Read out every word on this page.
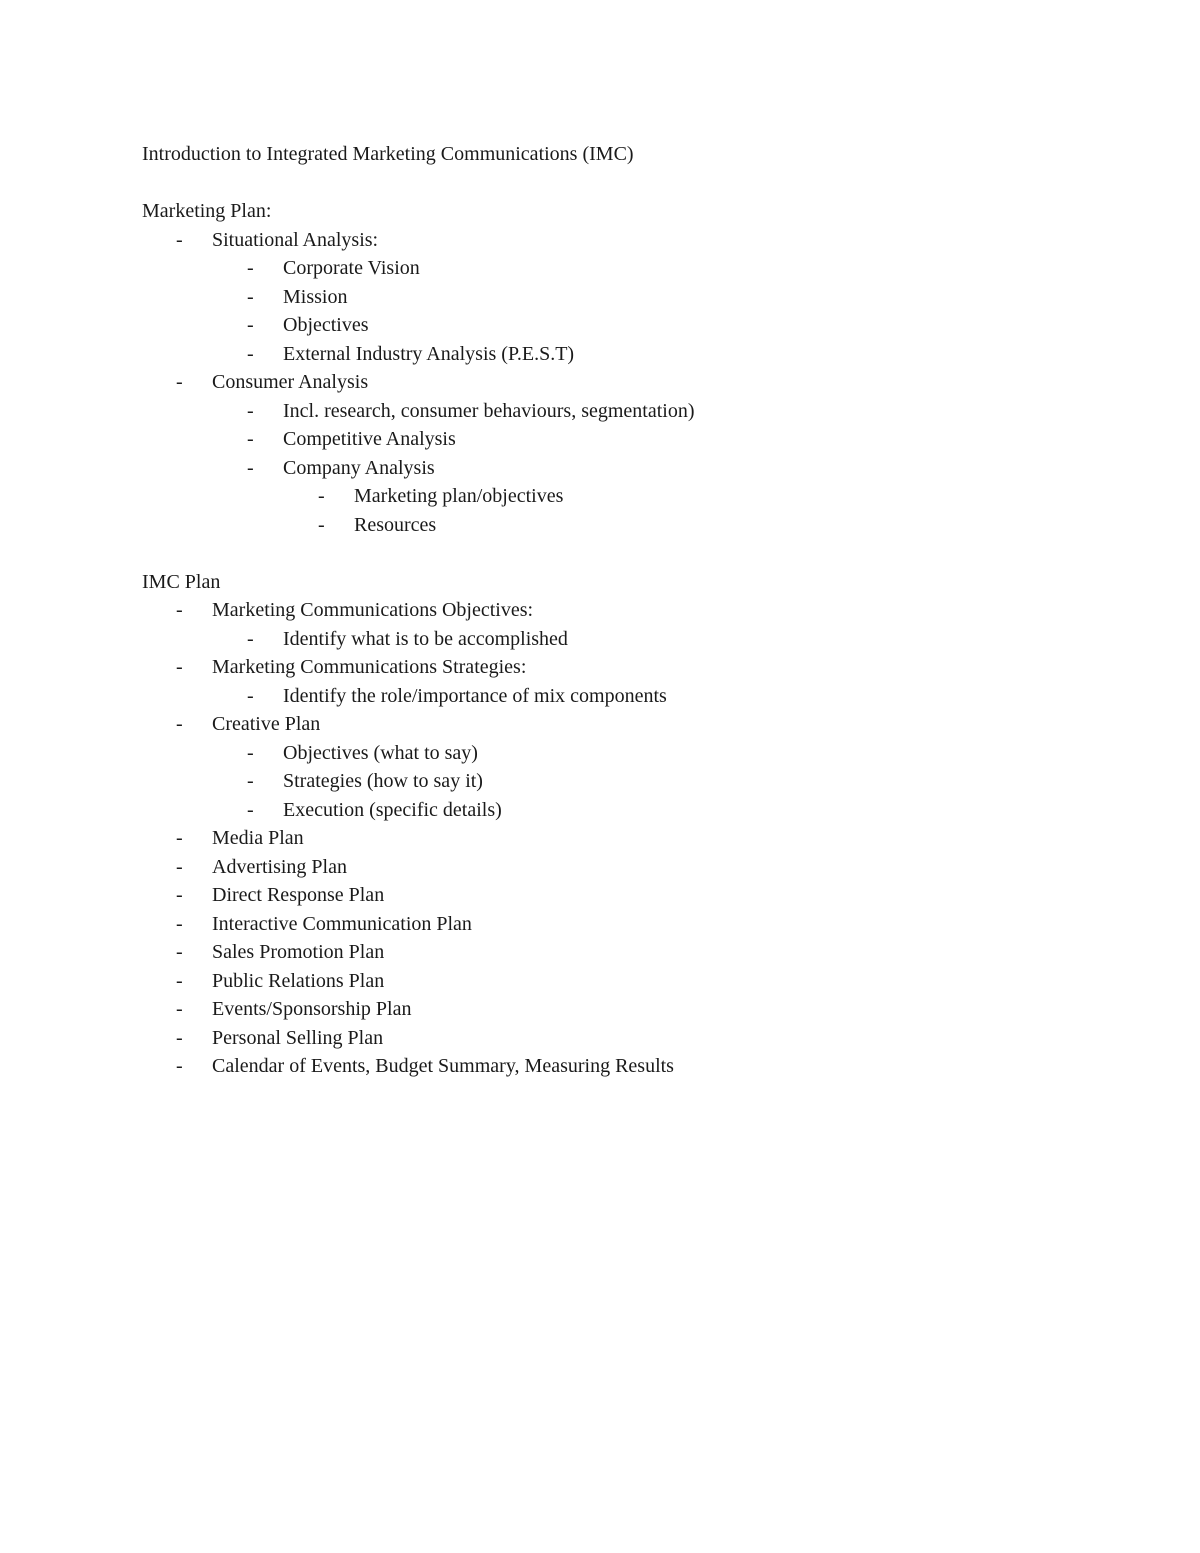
Introduction to Integrated Marketing Communications (IMC)
Marketing Plan:
- Situational Analysis:
- Corporate Vision
- Mission
- Objectives
- External Industry Analysis (P.E.S.T)
- Consumer Analysis
- Incl. research, consumer behaviours, segmentation)
- Competitive Analysis
- Company Analysis
- Marketing plan/objectives
- Resources
IMC Plan
- Marketing Communications Objectives:
- Identify what is to be accomplished
- Marketing Communications Strategies:
- Identify the role/importance of mix components
- Creative Plan
- Objectives (what to say)
- Strategies (how to say it)
- Execution (specific details)
- Media Plan
- Advertising Plan
- Direct Response Plan
- Interactive Communication Plan
- Sales Promotion Plan
- Public Relations Plan
- Events/Sponsorship Plan
- Personal Selling Plan
- Calendar of Events, Budget Summary, Measuring Results
